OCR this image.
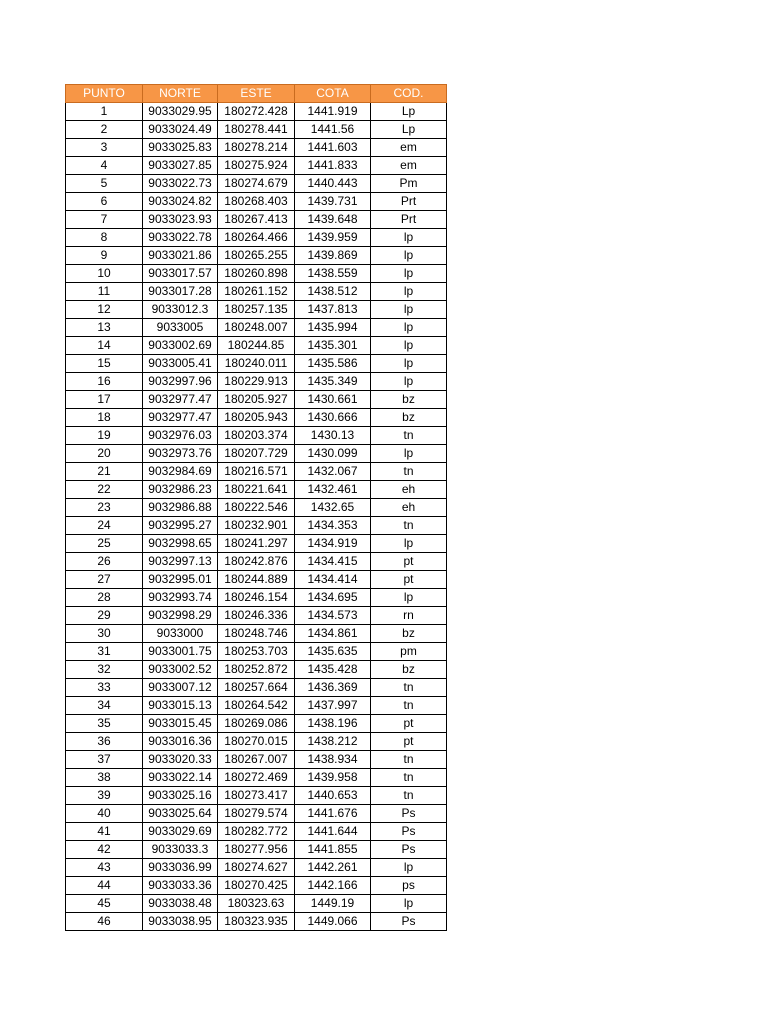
PUNTO	NORTE	ESTE	COTA	COD.
1	9033029.95	180272.428	1441.919	Lp
2	9033024.49	180278.441	1441.56	Lp
3	9033025.83	180278.214	1441.603	em
4	9033027.85	180275.924	1441.833	em
5	9033022.73	180274.679	1440.443	Pm
6	9033024.82	180268.403	1439.731	Prt
7	9033023.93	180267.413	1439.648	Prt
8	9033022.78	180264.466	1439.959	lp
9	9033021.86	180265.255	1439.869	lp
10	9033017.57	180260.898	1438.559	lp
11	9033017.28	180261.152	1438.512	lp
12	9033012.3	180257.135	1437.813	lp
13	9033005	180248.007	1435.994	lp
14	9033002.69	180244.85	1435.301	lp
15	9033005.41	180240.011	1435.586	lp
16	9032997.96	180229.913	1435.349	lp
17	9032977.47	180205.927	1430.661	bz
18	9032977.47	180205.943	1430.666	bz
19	9032976.03	180203.374	1430.13	tn
20	9032973.76	180207.729	1430.099	lp
21	9032984.69	180216.571	1432.067	tn
22	9032986.23	180221.641	1432.461	eh
23	9032986.88	180222.546	1432.65	eh
24	9032995.27	180232.901	1434.353	tn
25	9032998.65	180241.297	1434.919	lp
26	9032997.13	180242.876	1434.415	pt
27	9032995.01	180244.889	1434.414	pt
28	9032993.74	180246.154	1434.695	lp
29	9032998.29	180246.336	1434.573	rn
30	9033000	180248.746	1434.861	bz
31	9033001.75	180253.703	1435.635	pm
32	9033002.52	180252.872	1435.428	bz
33	9033007.12	180257.664	1436.369	tn
34	9033015.13	180264.542	1437.997	tn
35	9033015.45	180269.086	1438.196	pt
36	9033016.36	180270.015	1438.212	pt
37	9033020.33	180267.007	1438.934	tn
38	9033022.14	180272.469	1439.958	tn
39	9033025.16	180273.417	1440.653	tn
40	9033025.64	180279.574	1441.676	Ps
41	9033029.69	180282.772	1441.644	Ps
42	9033033.3	180277.956	1441.855	Ps
43	9033036.99	180274.627	1442.261	lp
44	9033033.36	180270.425	1442.166	ps
45	9033038.48	180323.63	1449.19	lp
46	9033038.95	180323.935	1449.066	Ps
